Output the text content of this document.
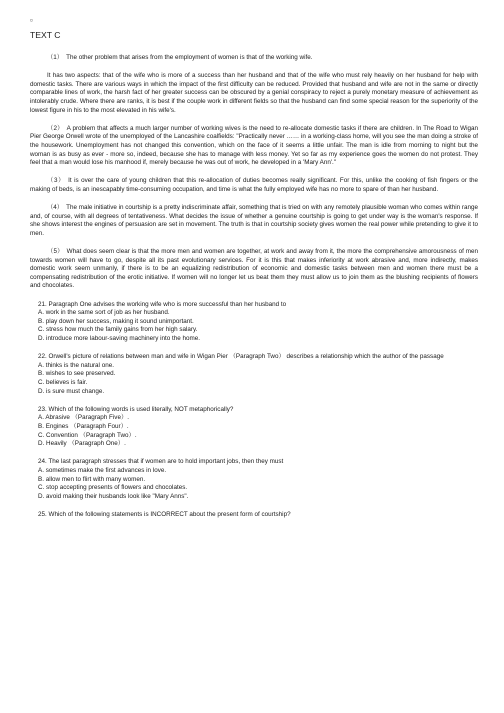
¤
TEXT C

（1） The other problem that arises from the employment of women is that of the working wife.

It has two aspects: that of the wife who is more of a success than her husband and that of the wife who must rely heavily on her husband for help with domestic tasks. There are various ways in which the impact of the first difficulty can be reduced. Provided that husband and wife are not in the same or directly comparable lines of work, the harsh fact of her greater success can be obscured by a genial conspiracy to reject a purely monetary measure of achievement as intolerably crude. Where there are ranks, it is best if the couple work in different fields so that the husband can find some special reason for the superiority of the lowest figure in his to the most elevated in his wife's.

（2） A problem that affects a much larger number of working wives is the need to re-allocate domestic tasks if there are children. In The Road to Wigan Pier George Orwell wrote of the unemployed of the Lancashire coalfields: "Practically never …… in a working-class home, will you see the man doing a stroke of the housework. Unemployment has not changed this convention, which on the face of it seems a little unfair. The man is idle from morning to night but the woman is as busy as ever - more so, indeed, because she has to manage with less money. Yet so far as my experience goes the women do not protest. They feel that a man would lose his manhood if, merely because he was out of work, he developed in a 'Mary Ann'."

（3） It is over the care of young children that this re-allocation of duties becomes really significant. For this, unlike the cooking of fish fingers or the making of beds, is an inescapably time-consuming occupation, and time is what the fully employed wife has no more to spare of than her husband.

（4） The male initiative in courtship is a pretty indiscriminate affair, something that is tried on with any remotely plausible woman who comes within range and, of course, with all degrees of tentativeness. What decides the issue of whether a genuine courtship is going to get under way is the woman's response. If she shows interest the engines of persuasion are set in movement. The truth is that in courtship society gives women the real power while pretending to give it to men.

（5） What does seem clear is that the more men and women are together, at work and away from it, the more the comprehensive amorousness of men towards women will have to go, despite all its past evolutionary services. For it is this that makes inferiority at work abrasive and, more indirectly, makes domestic work seem unmanly, if there is to be an equalizing redistribution of economic and domestic tasks between men and women there must be a compensating redistribution of the erotic initiative. If women will no longer let us beat them they must allow us to join them as the blushing recipients of flowers and chocolates.

21. Paragraph One advises the working wife who is more successful than her husband to
A. work in the same sort of job as her husband.
B. play down her success, making it sound unimportant.
C. stress how much the family gains from her high salary.
D. introduce more labour-saving machinery into the home.
22. Orwell's picture of relations between man and wife in Wigan Pier （Paragraph Two） describes a relationship which the author of the passage
A. thinks is the natural one.
B. wishes to see preserved.
C. believes is fair.
D. is sure must change.
23. Which of the following words is used literally, NOT metaphorically?
A. Abrasive （Paragraph Five）.
B. Engines （Paragraph Four）.
C. Convention （Paragraph Two）.
D. Heavily （Paragraph One）.
24. The last paragraph stresses that if women are to hold important jobs, then they must
A. sometimes make the first advances in love.
B. allow men to flirt with many women.
C. stop accepting presents of flowers and chocolates.
D. avoid making their husbands look like "Mary Anns".
25. Which of the following statements is INCORRECT about the present form of courtship?
